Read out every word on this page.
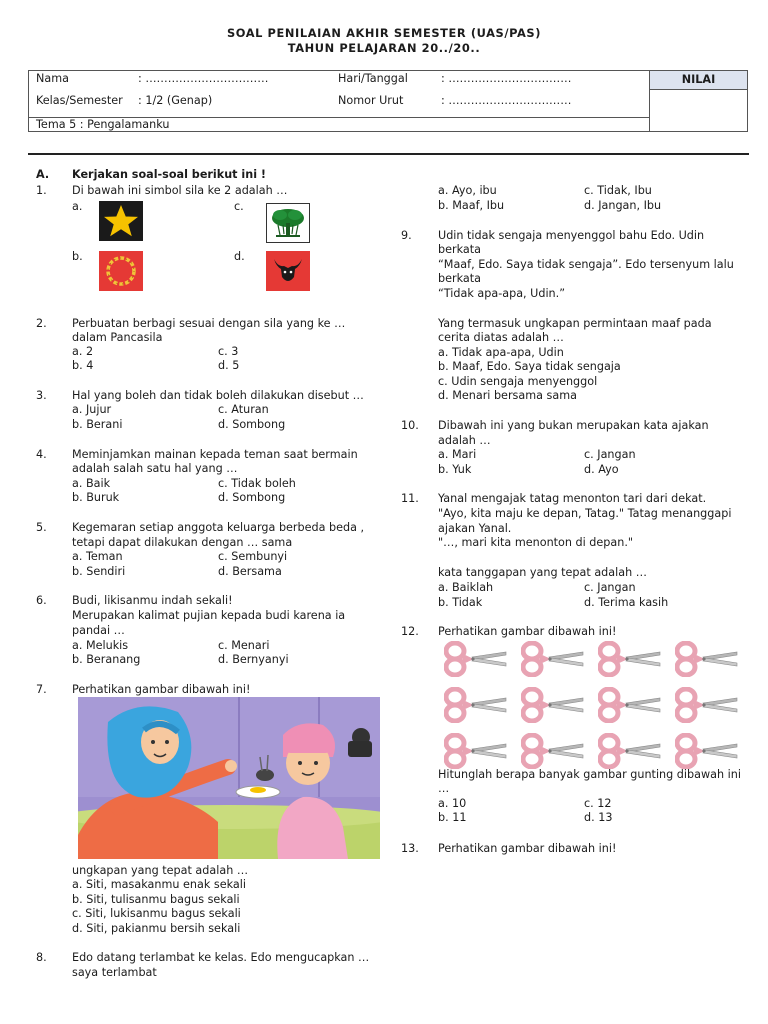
SOAL PENILAIAN AKHIR SEMESTER (UAS/PAS)
TAHUN PELAJARAN 20../20..
NILAI
Nama	: ……………………………	Hari/Tanggal	: ……………………………
Kelas/Semester : 1/2 (Genap)	Nomor Urut	: ……………………………
Tema 5 : Pengalamanku
A. Kerjakan soal-soal berikut ini !
1. Di bawah ini simbol sila ke 2 adalah …
a.	c.
b.	d.
2. Perbuatan berbagi sesuai dengan sila yang ke …
dalam Pancasila
a. 2	c. 3
b. 4	d. 5
3. Hal yang boleh dan tidak boleh dilakukan disebut …
a. Jujur	c. Aturan
b. Berani	d. Sombong
4. Meminjamkan mainan kepada teman saat bermain
adalah salah satu hal yang …
a. Baik	c. Tidak boleh
b. Buruk	d. Sombong
5. Kegemaran setiap anggota keluarga berbeda beda ,
tetapi dapat dilakukan dengan … sama
a. Teman	c. Sembunyi
b. Sendiri	d. Bersama
6. Budi, likisanmu indah sekali!
Merupakan kalimat pujian kepada budi karena ia
pandai …
a. Melukis	c. Menari
b. Beranang	d. Bernyanyi
7. Perhatikan gambar dibawah ini!
ungkapan yang tepat adalah …
a. Siti, masakanmu enak sekali
b. Siti, tulisanmu bagus sekali
c. Siti, lukisanmu bagus sekali
d. Siti, pakianmu bersih sekali
8. Edo datang terlambat ke kelas. Edo mengucapkan …
saya terlambat
a. Ayo, ibu	c. Tidak, Ibu
b. Maaf, Ibu	d. Jangan, Ibu
9. Udin tidak sengaja menyenggol bahu Edo. Udin
berkata
“Maaf, Edo. Saya tidak sengaja”. Edo tersenyum lalu
berkata
“Tidak apa-apa, Udin.”
Yang termasuk ungkapan permintaan maaf pada
cerita diatas adalah …
a. Tidak apa-apa, Udin
b. Maaf, Edo. Saya tidak sengaja
c. Udin sengaja menyenggol
d. Menari bersama sama
10. Dibawah ini yang bukan merupakan kata ajakan
adalah …
a. Mari	c. Jangan
b. Yuk	d. Ayo
11. Yanal mengajak tatag menonton tari dari dekat.
"Ayo, kita maju ke depan, Tatag." Tatag menanggapi
ajakan Yanal.
"…, mari kita menonton di depan."
kata tanggapan yang tepat adalah …
a. Baiklah	c. Jangan
b. Tidak	d. Terima kasih
12. Perhatikan gambar dibawah ini!
Hitunglah berapa banyak gambar gunting dibawah ini
…
a. 10	c. 12
b. 11	d. 13
13. Perhatikan gambar dibawah ini!
